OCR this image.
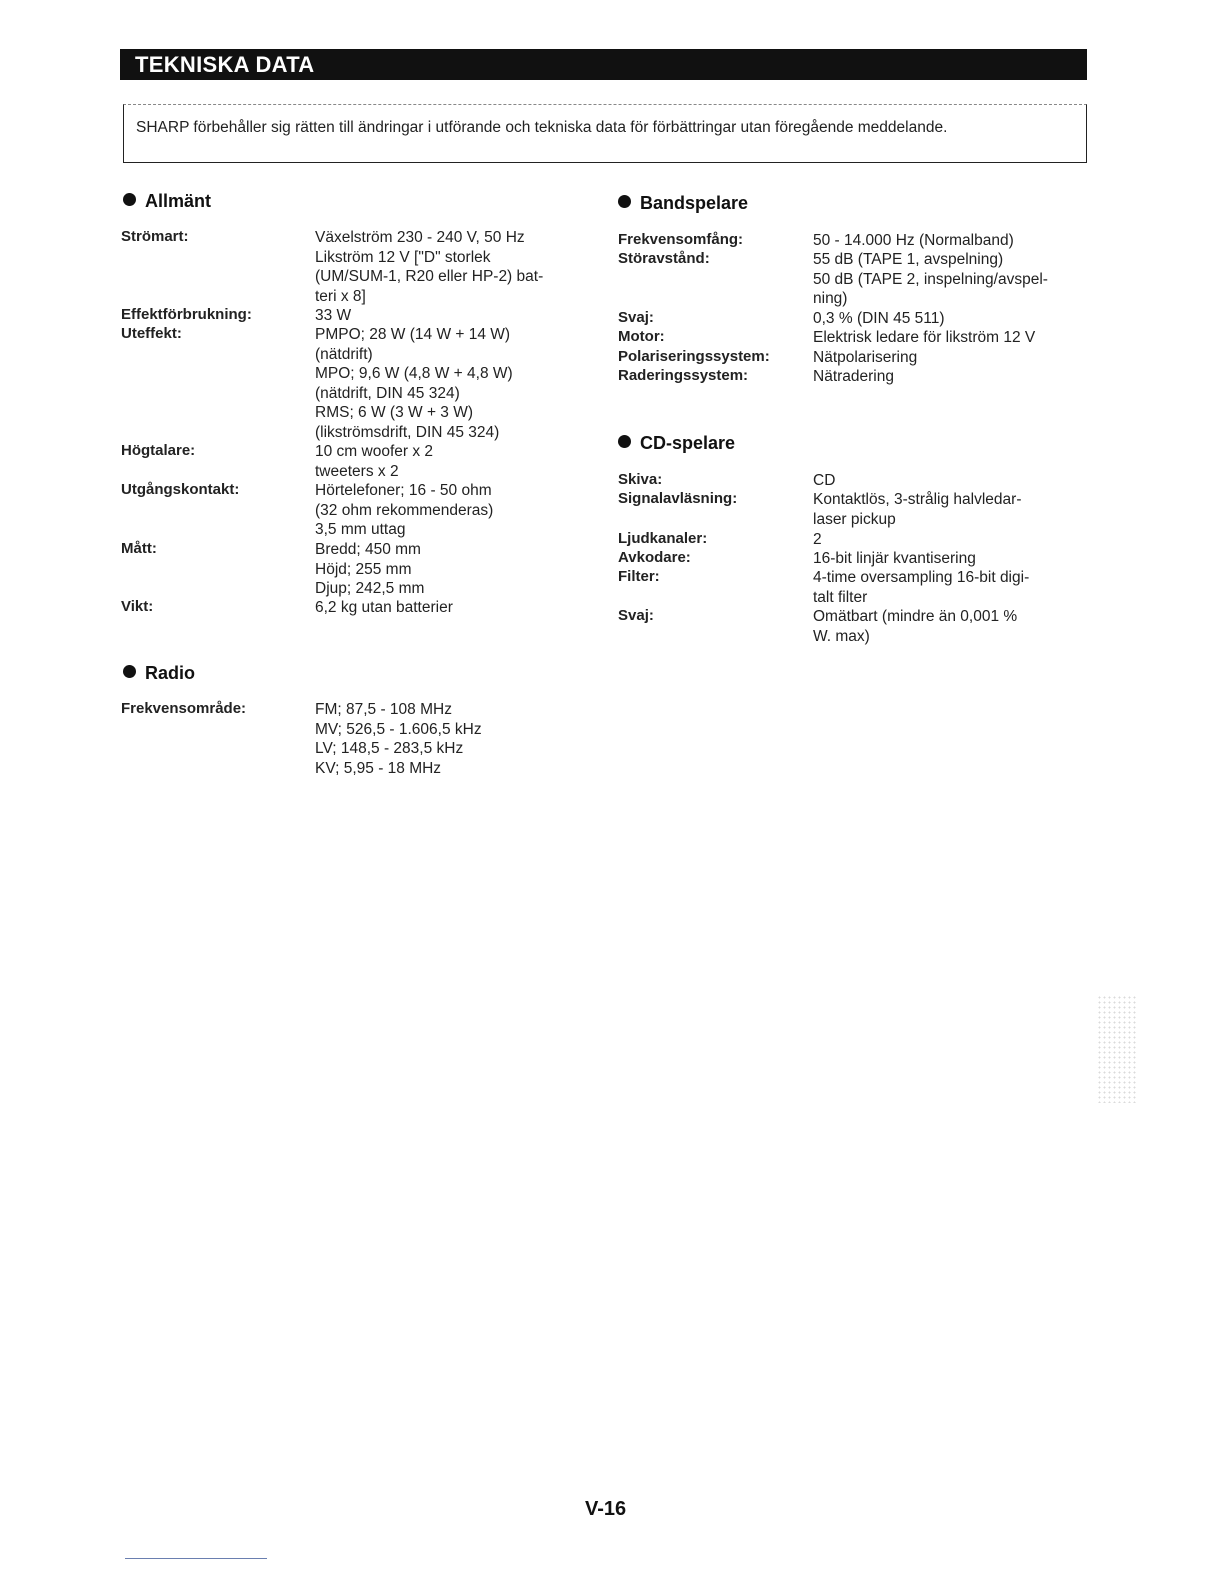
TEKNISKA DATA
SHARP förbehåller sig rätten till ändringar i utförande och tekniska data för förbättringar utan föregående meddelande.
Allmänt
Strömart:	Växelström 230 - 240 V, 50 Hz
Likström 12 V ["D" storlek
(UM/SUM-1, R20 eller HP-2) bat-
teri x 8]
Effektförbrukning:	33 W
Uteffekt:	PMPO; 28 W (14 W + 14 W)
(nätdrift)
MPO; 9,6 W (4,8 W + 4,8 W)
(nätdrift, DIN 45 324)
RMS; 6 W (3 W + 3 W)
(likströmsdrift, DIN 45 324)
Högtalare:	10 cm woofer x 2
tweeters x 2
Utgångskontakt:	Hörtelefoner; 16 - 50 ohm
(32 ohm rekommenderas)
3,5 mm uttag
Mått:	Bredd; 450 mm
Höjd; 255 mm
Djup; 242,5 mm
Vikt:	6,2 kg utan batterier
Radio
Frekvensområde:	FM; 87,5 - 108 MHz
MV; 526,5 - 1.606,5 kHz
LV; 148,5 - 283,5 kHz
KV; 5,95 - 18 MHz
Bandspelare
Frekvensomfång:	50 - 14.000 Hz (Normalband)
Störavstånd:	55 dB (TAPE 1, avspelning)
50 dB (TAPE 2, inspelning/avspel-
ning)
Svaj:	0,3 % (DIN 45 511)
Motor:	Elektrisk ledare för likström 12 V
Polariseringssystem:	Nätpolarisering
Raderingssystem:	Nätradering
CD-spelare
Skiva:	CD
Signalavläsning:	Kontaktlös, 3-strålig halvledar-
laser pickup
Ljudkanaler:	2
Avkodare:	16-bit linjär kvantisering
Filter:	4-time oversampling 16-bit digi-
talt filter
Svaj:	Omätbart (mindre än 0,001 %
W. max)
V-16
